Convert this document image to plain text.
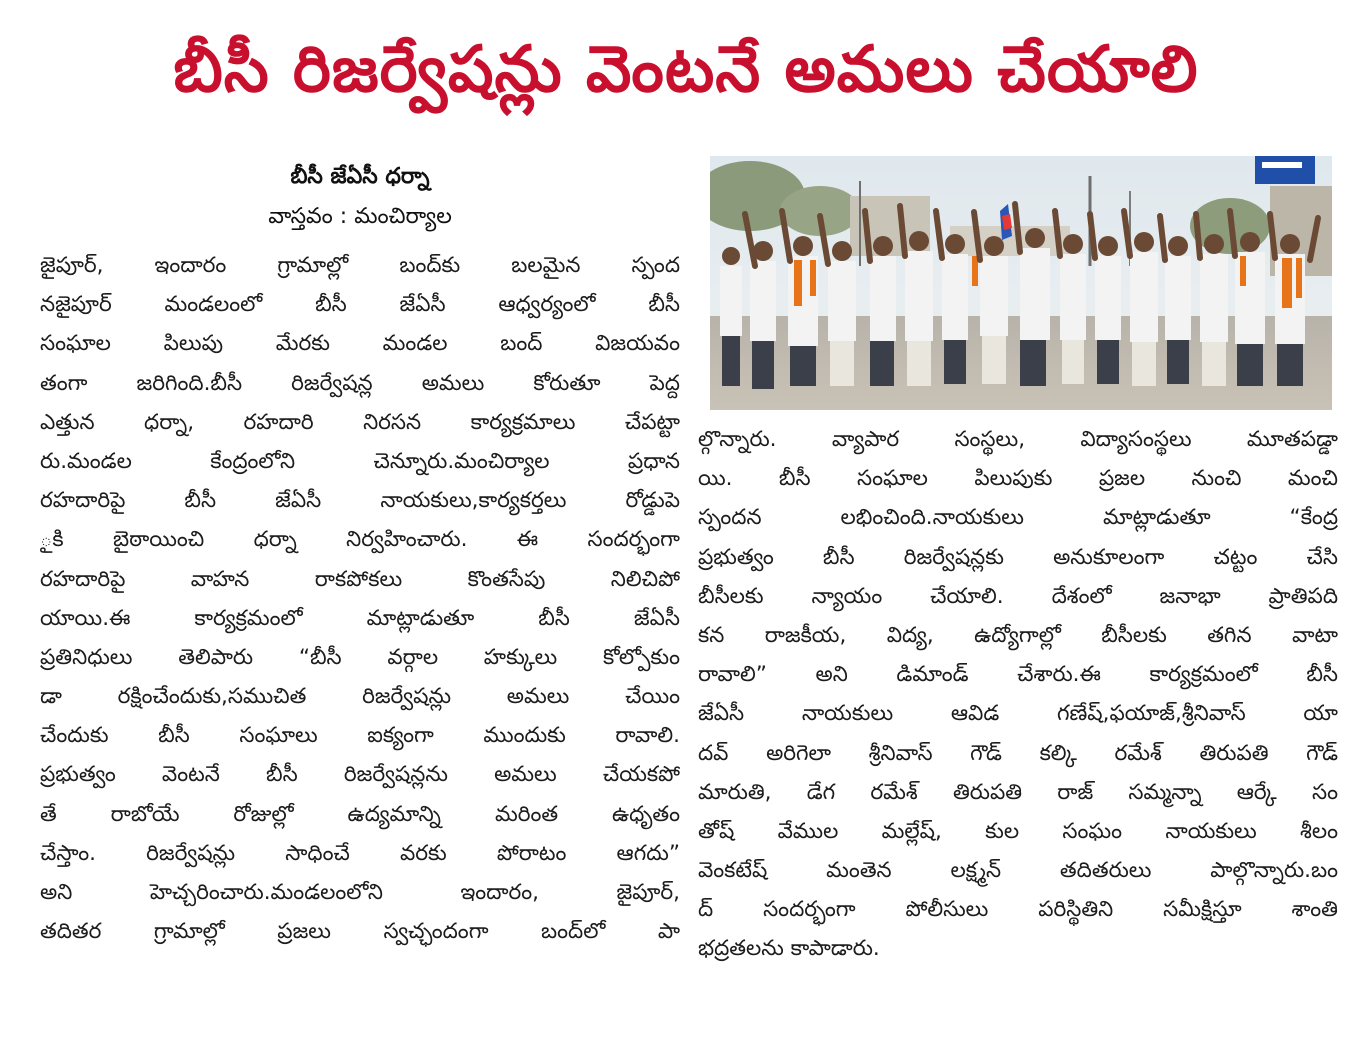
బీసీ రిజర్వేషన్లు వెంటనే అమలు చేయాలి
బీసీ జేఏసీ ధర్నా
వాస్తవం : మంచిర్యాల
జైపూర్, ఇందారం గ్రామాల్లో బంద్‌కు బలమైన స్పంద
నజైపూర్ మండలంలో బీసీ జేఏసీ ఆధ్వర్యంలో బీసీ
సంఘాల పిలుపు మేరకు మండల బంద్ విజయవం
తంగా జరిగింది.బీసీ రిజర్వేషన్ల అమలు కోరుతూ పెద్ద
ఎత్తున ధర్నా, రహదారి నిరసన కార్యక్రమాలు చేపట్టా
రు.మండల కేంద్రంలోని చెన్నూరు.మంచిర్యాల ప్రధాన
రహదారిపై బీసీ జేఏసీ నాయకులు,కార్యకర్తలు రోడ్డుపె
ౖకి బైఠాయించి ధర్నా నిర్వహించారు. ఈ సందర్భంగా
రహదారిపై వాహన రాకపోకలు కొంతసేపు నిలిచిపో
యాయి.ఈ కార్యక్రమంలో మాట్లాడుతూ బీసీ జేఏసీ
ప్రతినిధులు తెలిపారు “బీసీ వర్గాల హక్కులు కోల్పోకుం
డా రక్షించేందుకు,సముచిత రిజర్వేషన్లు అమలు చేయిం
చేందుకు బీసీ సంఘాలు ఐక్యంగా ముందుకు రావాలి.
ప్రభుత్వం వెంటనే బీసీ రిజర్వేషన్లను అమలు చేయకపో
తే రాబోయే రోజుల్లో ఉద్యమాన్ని మరింత ఉధృతం
చేస్తాం. రిజర్వేషన్లు సాధించే వరకు పోరాటం ఆగదు”
అని హెచ్చరించారు.మండలంలోని ఇందారం, జైపూర్,
తదితర గ్రామాల్లో ప్రజలు స్వచ్ఛందంగా బంద్‌లో పా
ల్గొన్నారు. వ్యాపార సంస్థలు, విద్యాసంస్థలు మూతపడ్డా
యి. బీసీ సంఘాల పిలుపుకు ప్రజల నుంచి మంచి
స్పందన లభించింది.నాయకులు మాట్లాడుతూ “కేంద్ర
ప్రభుత్వం బీసీ రిజర్వేషన్లకు అనుకూలంగా చట్టం చేసి
బీసీలకు న్యాయం చేయాలి. దేశంలో జనాభా ప్రాతిపది
కన రాజకీయ, విద్య, ఉద్యోగాల్లో బీసీలకు తగిన వాటా
రావాలి” అని డిమాండ్ చేశారు.ఈ కార్యక్రమంలో బీసీ
జేఏసీ నాయకులు ఆవిడ గణేష్,ఫయాజ్,శ్రీనివాస్ యా
దవ్ అరిగెలా శ్రీనివాస్ గౌడ్ కల్కి రమేశ్ తిరుపతి గౌడ్
మారుతి, డేగ రమేశ్ తిరుపతి రాజ్ సమ్మన్నా ఆర్కే సం
తోష్ వేముల మల్లేష్, కుల సంఘం నాయకులు శీలం
వెంకటేష్ మంతెన లక్ష్మన్ తదితరులు పాల్గొన్నారు.బం
ద్ సందర్భంగా పోలీసులు పరిస్థితిని సమీక్షిస్తూ శాంతి
భద్రతలను కాపాడారు.
